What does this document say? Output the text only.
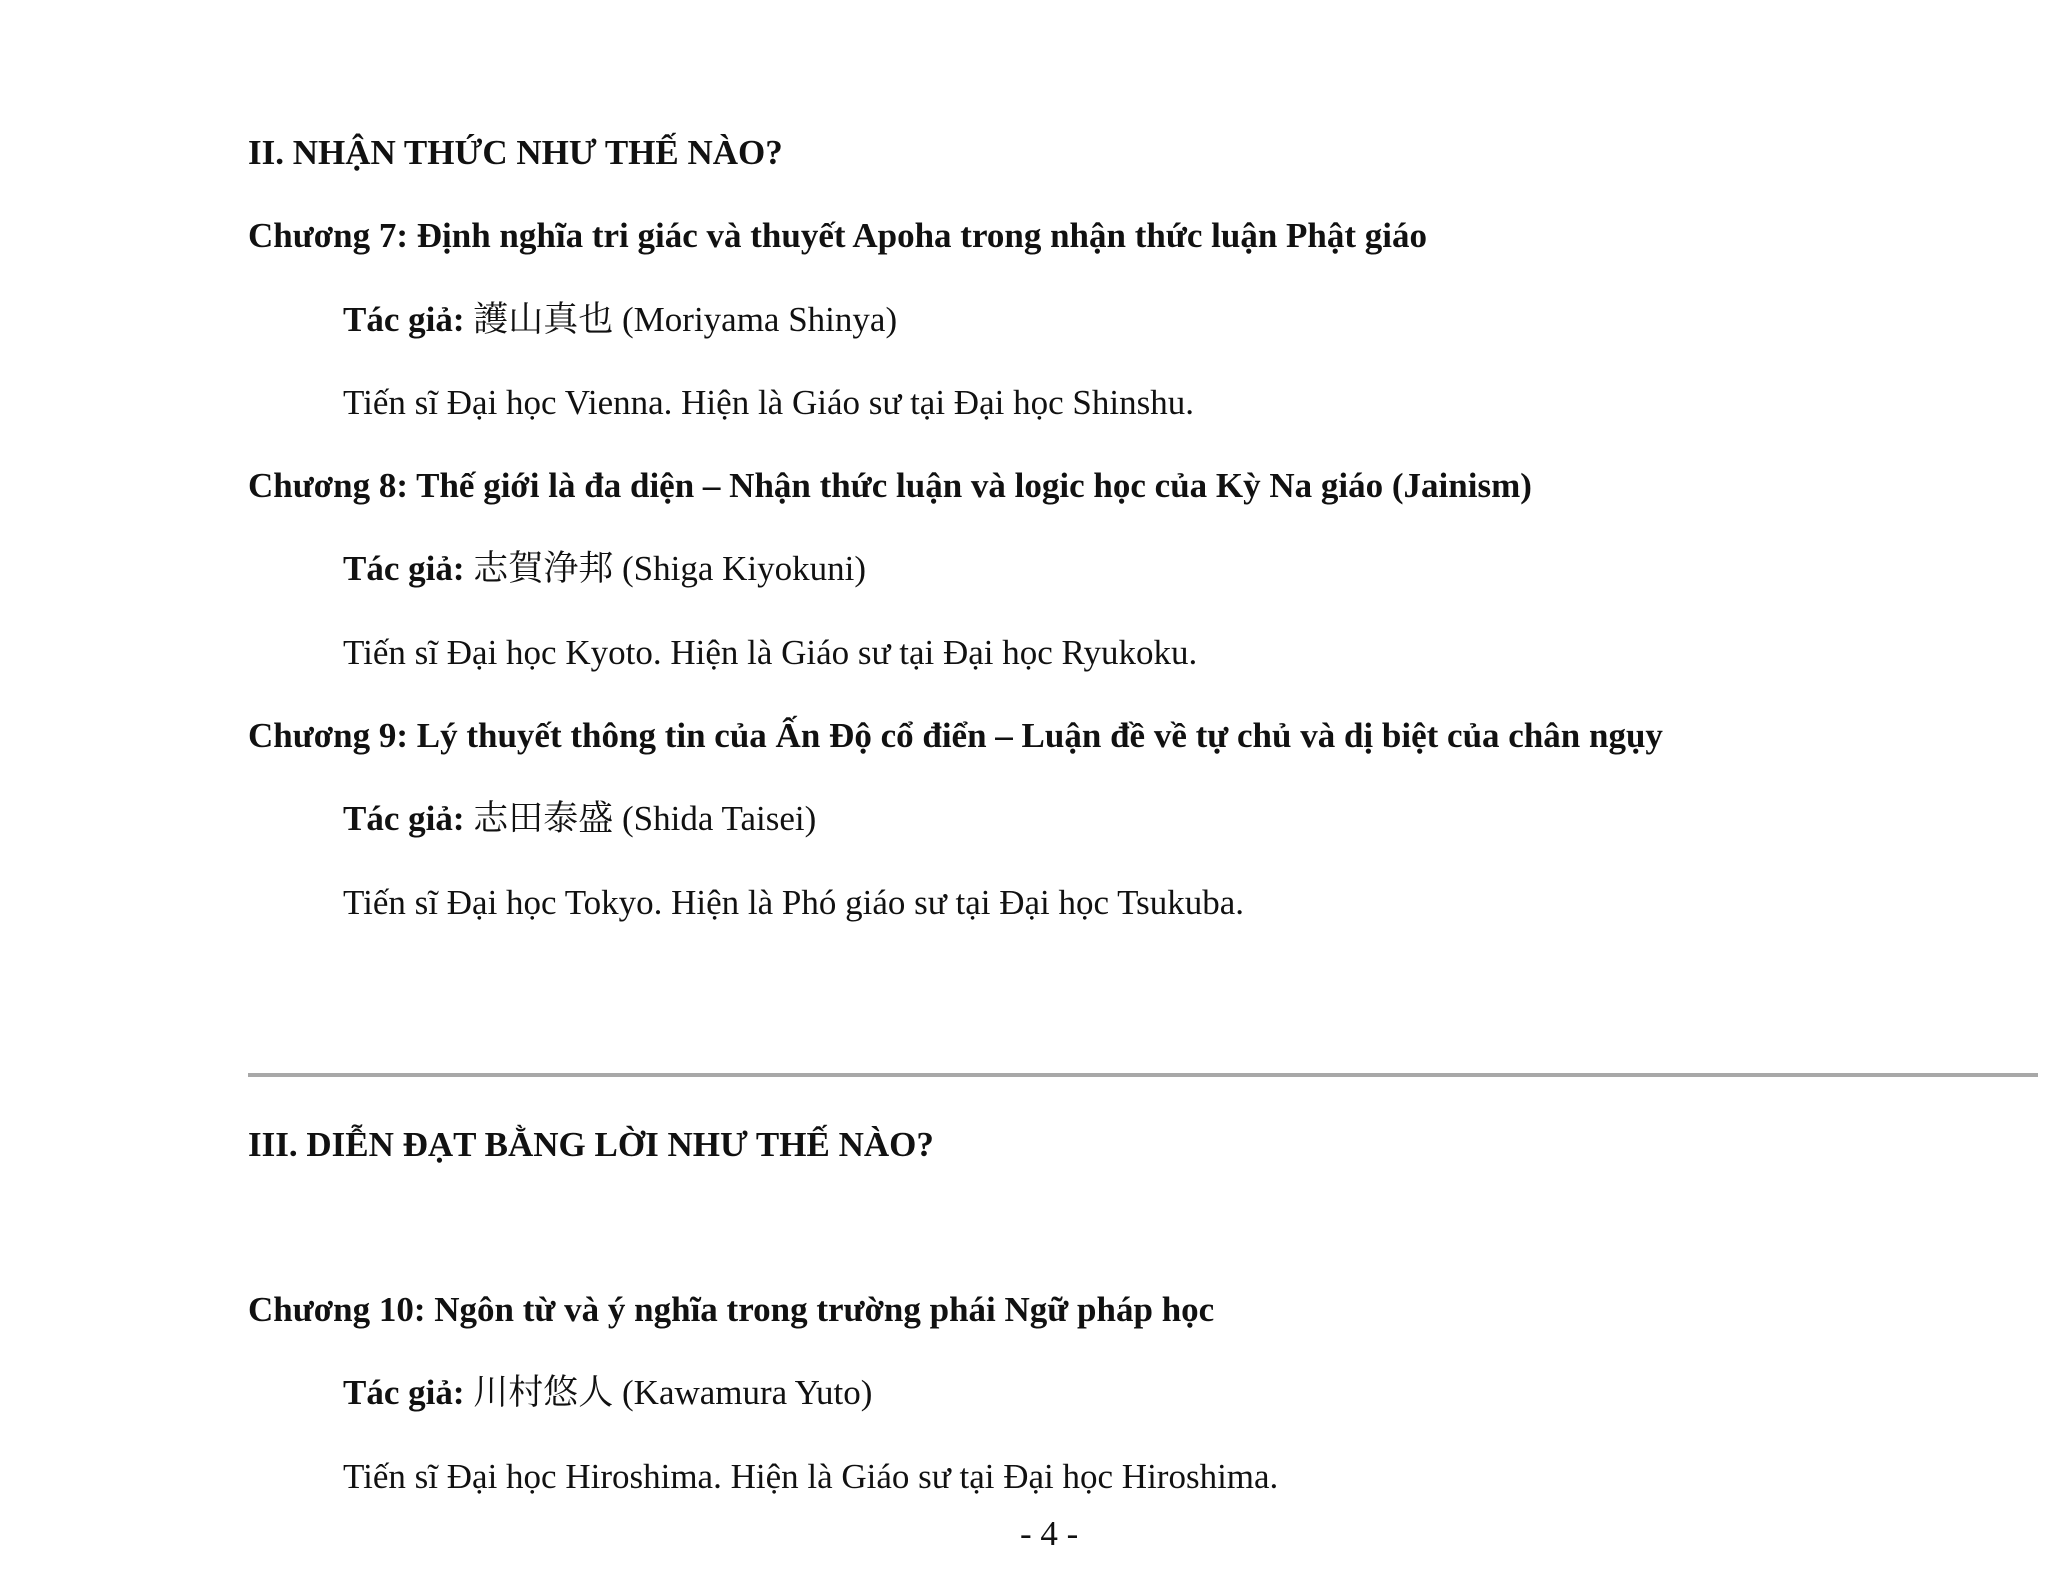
II. NHẬN THỨC NHƯ THẾ NÀO?
Chương 7: Định nghĩa tri giác và thuyết Apoha trong nhận thức luận Phật giáo
Tác giả: 護山真也 (Moriyama Shinya)
Tiến sĩ Đại học Vienna. Hiện là Giáo sư tại Đại học Shinshu.
Chương 8: Thế giới là đa diện – Nhận thức luận và logic học của Kỳ Na giáo (Jainism)
Tác giả: 志賀浄邦 (Shiga Kiyokuni)
Tiến sĩ Đại học Kyoto. Hiện là Giáo sư tại Đại học Ryukoku.
Chương 9: Lý thuyết thông tin của Ấn Độ cổ điển – Luận đề về tự chủ và dị biệt của chân ngụy
Tác giả: 志田泰盛 (Shida Taisei)
Tiến sĩ Đại học Tokyo. Hiện là Phó giáo sư tại Đại học Tsukuba.
III. DIỄN ĐẠT BẰNG LỜI NHƯ THẾ NÀO?
Chương 10: Ngôn từ và ý nghĩa trong trường phái Ngữ pháp học
Tác giả: 川村悠人 (Kawamura Yuto)
Tiến sĩ Đại học Hiroshima. Hiện là Giáo sư tại Đại học Hiroshima.
- 4 -
